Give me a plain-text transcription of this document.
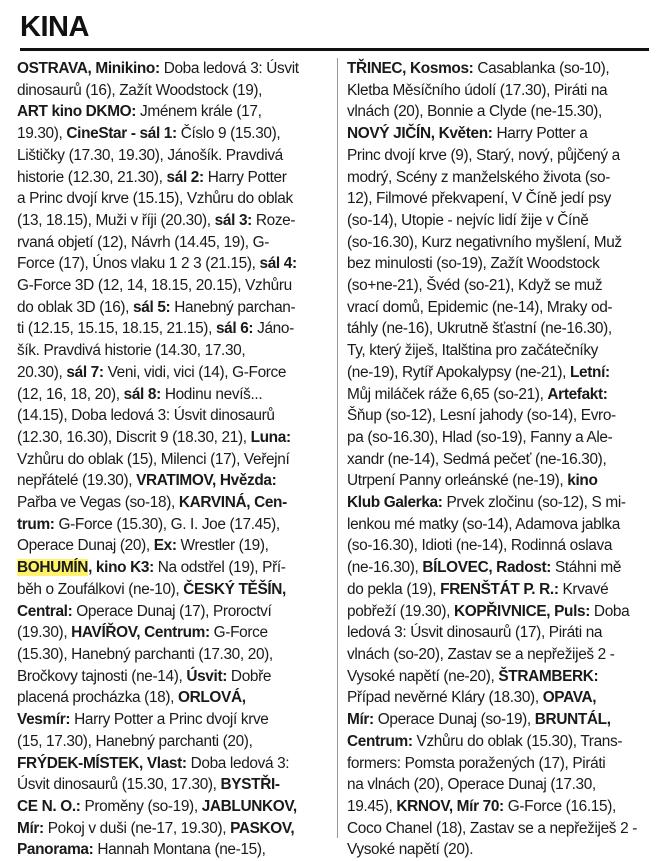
KINA
OSTRAVA, Minikino: Doba ledová 3: Úsvit
dinosaurů (16), Zažít Woodstock (19),
ART kino DKMO: Jménem krále (17,
19.30), CineStar - sál 1: Číslo 9 (15.30),
Lištičky (17.30, 19.30), Jánošík. Pravdivá
historie (12.30, 21.30), sál 2: Harry Potter
a Princ dvojí krve (15.15), Vzhůru do oblak
(13, 18.15), Muži v říji (20.30), sál 3: Roze-
rvaná objetí (12), Návrh (14.45, 19), G-
Force (17), Únos vlaku 1 2 3 (21.15), sál 4:
G-Force 3D (12, 14, 18.15, 20.15), Vzhůru
do oblak 3D (16), sál 5: Hanebný parchan-
ti (12.15, 15.15, 18.15, 21.15), sál 6: Jáno-
šík. Pravdivá historie (14.30, 17.30,
20.30), sál 7: Veni, vidi, vici (14), G-Force
(12, 16, 18, 20), sál 8: Hodinu nevíš...
(14.15), Doba ledová 3: Úsvit dinosaurů
(12.30, 16.30), Discrit 9 (18.30, 21), Luna:
Vzhůru do oblak (15), Milenci (17), Veřejní
nepřátelé (19.30), VRATIMOV, Hvězda:
Pařba ve Vegas (so-18), KARVINÁ, Cen-
trum: G-Force (15.30), G. I. Joe (17.45),
Operace Dunaj (20), Ex: Wrestler (19),
BOHUMÍN, kino K3: Na odstřel (19), Pří-
běh o Zoufálkovi (ne-10), ČESKÝ TĚŠÍN,
Central: Operace Dunaj (17), Proroctví
(19.30), HAVÍŘOV, Centrum: G-Force
(15.30), Hanebný parchanti (17.30, 20),
Bročkovy tajnosti (ne-14), Úsvit: Dobře
placená procházka (18), ORLOVÁ,
Vesmír: Harry Potter a Princ dvojí krve
(15, 17.30), Hanebný parchanti (20),
FRÝDEK-MÍSTEK, Vlast: Doba ledová 3:
Úsvit dinosaurů (15.30, 17.30), BYSTŘI-
CE N. O.: Proměny (so-19), JABLUNKOV,
Mír: Pokoj v duši (ne-17, 19.30), PASKOV,
Panorama: Hannah Montana (ne-15),
TŘINEC, Kosmos: Casablanka (so-10),
Kletba Měsíčního údolí (17.30), Piráti na
vlnách (20), Bonnie a Clyde (ne-15.30),
NOVÝ JIČÍN, Květen: Harry Potter a
Princ dvojí krve (9), Starý, nový, půjčený a
modrý, Scény z manželského života (so-
12), Filmové překvapení, V Číně jedí psy
(so-14), Utopie - nejvíc lidí žije v Číně
(so-16.30), Kurz negativního myšlení, Muž
bez minulosti (so-19), Zažít Woodstock
(so+ne-21), Švéd (so-21), Když se muž
vrací domů, Epidemic (ne-14), Mraky od-
táhly (ne-16), Ukrutně šťastní (ne-16.30),
Ty, který žiješ, Italština pro začátečníky
(ne-19), Rytíř Apokalypsy (ne-21), Letní:
Můj miláček ráže 6,65 (so-21), Artefakt:
Šňup (so-12), Lesní jahody (so-14), Evro-
pa (so-16.30), Hlad (so-19), Fanny a Ale-
xandr (ne-14), Sedmá pečeť (ne-16.30),
Utrpení Panny orleánské (ne-19), kino
Klub Galerka: Prvek zločinu (so-12), S mi-
lenkou mé matky (so-14), Adamova jablka
(so-16.30), Idioti (ne-14), Rodinná oslava
(ne-16.30), BÍLOVEC, Radost: Stáhni mě
do pekla (19), FRENŠTÁT P. R.: Krvavé
pobřeží (19.30), KOPŘIVNICE, Puls: Doba
ledová 3: Úsvit dinosaurů (17), Piráti na
vlnách (so-20), Zastav se a nepřežiješ 2 -
Vysoké napětí (ne-20), ŠTRAMBERK:
Případ nevěrné Kláry (18.30), OPAVA,
Mír: Operace Dunaj (so-19), BRUNTÁL,
Centrum: Vzhůru do oblak (15.30), Trans-
formers: Pomsta poražených (17), Piráti
na vlnách (20), Operace Dunaj (17.30,
19.45), KRNOV, Mír 70: G-Force (16.15),
Coco Chanel (18), Zastav se a nepřežiješ 2 -
Vysoké napětí (20).
